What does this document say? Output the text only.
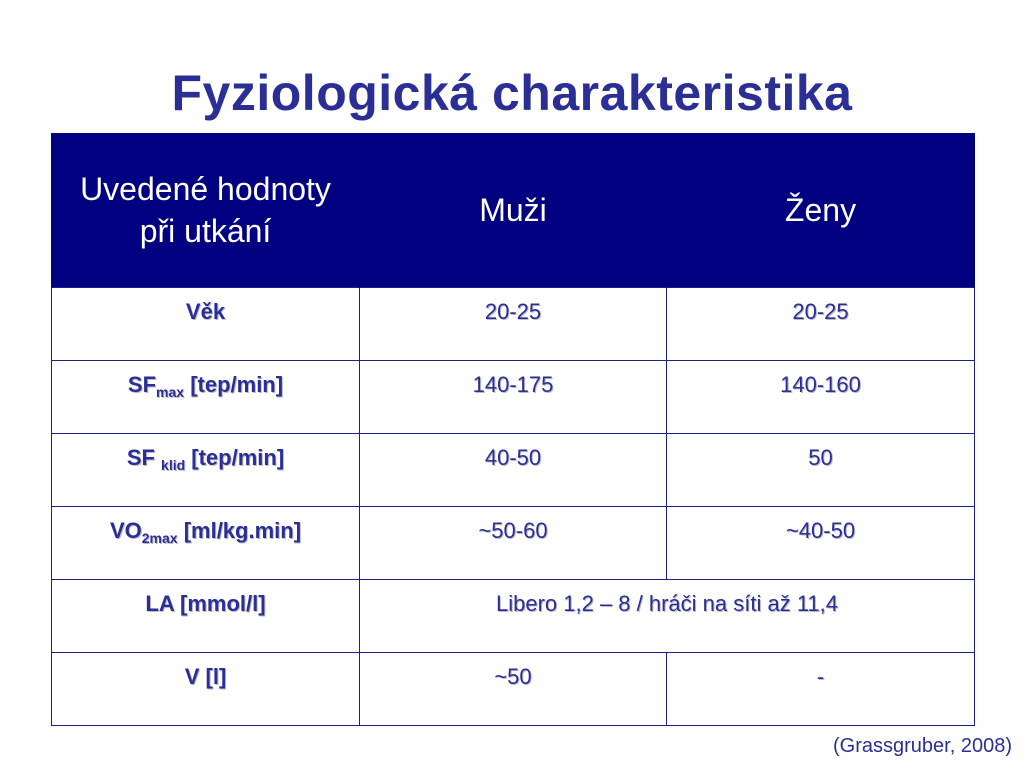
Fyziologická charakteristika
Uvedené hodnoty při utkání	Muži	Ženy
Věk	20-25	20-25
$SF_{max}$ [tep/min]	140-175	140-160
SF $_{klid}$ [tep/min]	40-50	50
$VO_{2max}$ [ml/kg.min]	~50-60	~40-50
LA [mmol/l]	Libero 1,2 – 8 / hráči na síti až 11,4	
V [l]	~50	-
(Grassgruber, 2008)
